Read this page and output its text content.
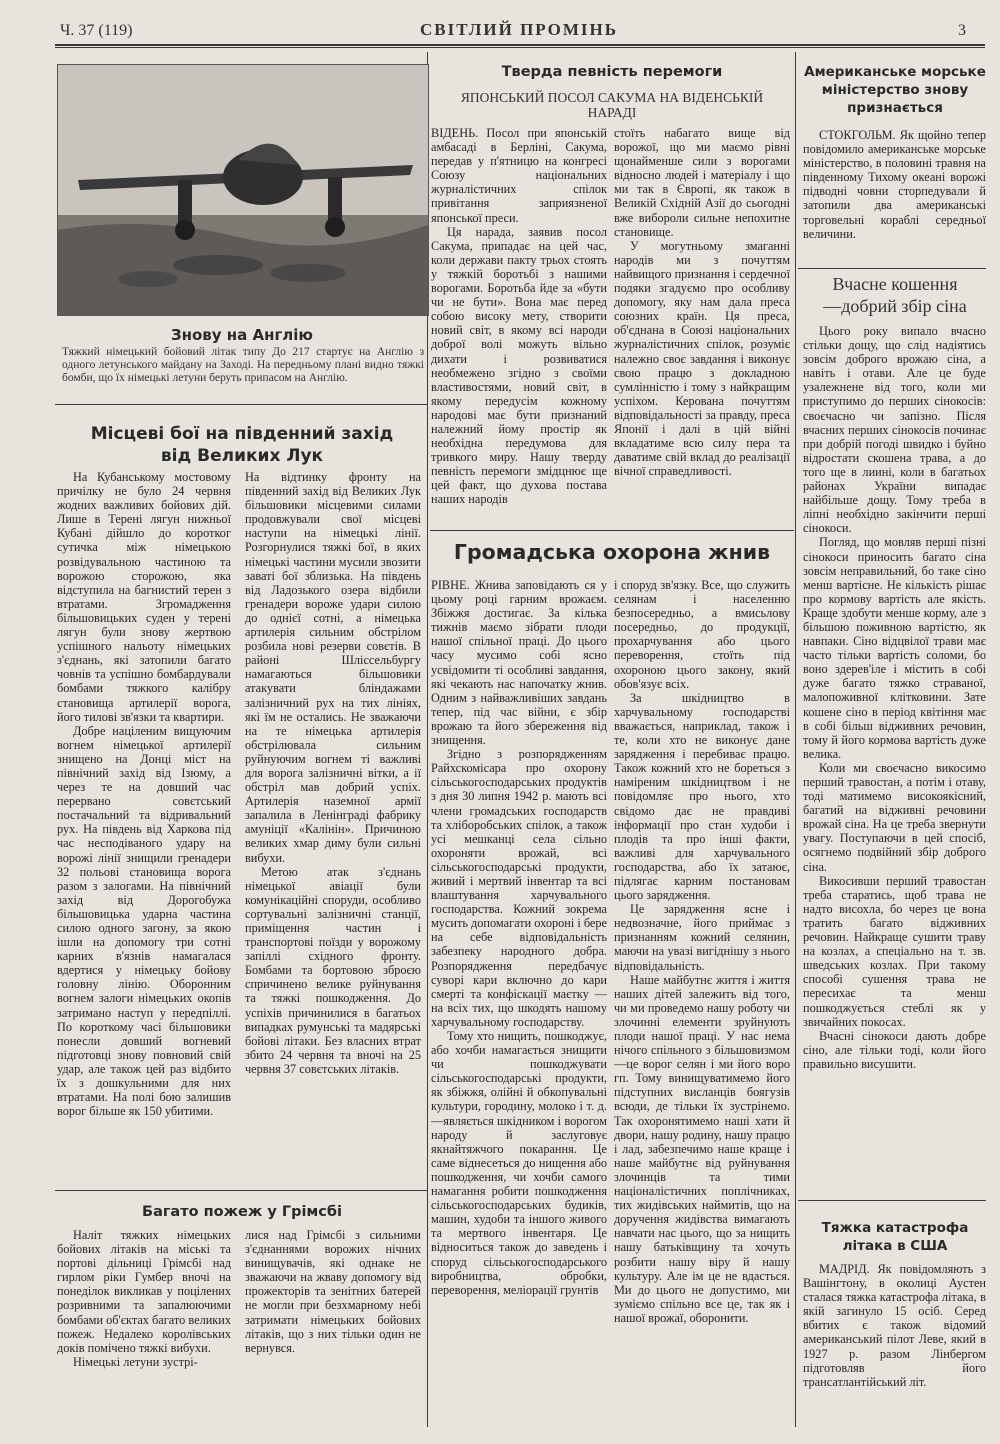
Ч. 37 (119)	СВІТЛИЙ ПРОМІНЬ	3
Знову на Англію
Тяжкий німецький бойовий літак типу До 217 стартує на Англію з одного летунського майдану на Заході. На передньому плані видно тяжкі бомби, що їх німецькі летуни беруть припасом на Англію.
Місцеві бої на південний захід
від Великих Лук

На Кубанському мостовому причілку не було 24 червня жодних важливих бойових дій. Лише в Терені лягун нижньої Кубані дійшло до коротког сутичка між німецькою розвідувальною частиною та ворожою сторожою, яка відступила на багнистий терен з втратами. Згромадження більшовицьких суден у терені лягун були знову жертвою успішного нальоту німецьких з'єднань, які затопили багато човнів та успішно бомбардували бомбами тяжкого калібру становища артилерії ворога, його тилові зв'язки та квартири.

Добре націленим вищуючим вогнем німецької артилерії знищено на Донці міст на північний захід від Ізюму, а через те на довший час перервано совєтський постачальний та відривальний рух. На південь від Харкова під час несподіваного удару на ворожі лінії знищили гренадери 32 польові становища ворога разом з залогами. На північний захід від Дорогобужа більшовицька ударна частина силою одного загону, за якою ішли на допомогу три сотні карних в'язнів намагалася вдертися у німецьку бойову головну лінію. Оборонним вогнем залоги німецьких окопів затримано наступ у передпіллі. По короткому часі більшовики понесли довший вогневий підготовці знову повновий свій удар, але також цей раз відбито їх з дошкульними для них втратами. На полі бою залишив ворог більше як 150 убитими.

На відтинку фронту на південний захід від Великих Лук більшовики місцевими силами продовжували свої місцеві наступи на німецькі лінії. Розгорнулися тяжкі бої, в яких німецькі частини мусили звозити заваті бої зблизька. На південь від Ладозького озера відбили гренадери вороже удари силою до однієї сотні, а німецька артилерія сильним обстрілом розбила нові резерви совєтів. В районі Шліссельбургу намагаються більшовики атакувати бліндажами залізничний рух на тих лініях, які їм не остались. Не зважаючи на те німецька артилерія обстрілювала сильним руйнуючим вогнем ті важливі для ворога залізничні вітки, а ії обстріл мав добрий успіх. Артилерія наземної армії запалила в Ленінграді фабрику амуніції «Калінін». Причиною великих хмар диму були сильні вибухи.

Метою атак з'єднань німецької авіації були комунікаційні споруди, особливо сортувальні залізничні станції, приміщення частин і транспортові поїзди у ворожому запіллі східного фронту. Бомбами та бортовою зброєю спричинено велике руйнування та тяжкі пошкодження. До успіхів причинилися в багатьох випадках румунські та мадярські бойові літаки. Без власних втрат збито 24 червня та вночі на 25 червня 37 совєтських літаків.

Багато пожеж у Грімсбі

Наліт тяжких німецьких бойових літаків на міські та портові дільниці Грімсбі над гирлом ріки Гумбер вночі на понеділок викликав у поцілених розривними та запалюючими бомбами об'єктах багато великих пожеж. Недалеко королівських доків помічено тяжкі вибухи.

Німецькі летуни зустрі-

лися над Грімсбі з сильними з'єднаннями ворожих нічних винищувачів, які однаке не зважаючи на жваву допомогу від прожекторів та зенітних батерей не могли при безхмарному небі затримати німецьких бойових літаків, що з них тільки один не вернувся.

Тверда певність перемоги
ЯПОНСЬКИЙ ПОСОЛ САКУМА НА ВІДЕНСЬКІЙ НАРАДІ

ВІДЕНЬ. Посол при японській амбасаді в Берліні, Сакума, передав у п'ятницю на конгресі Союзу національних журналістичних спілок привітання заприязненої японської преси.

Ця нарада, заявив посол Сакума, припадає на цей час, коли держави пакту трьох стоять у тяжкій боротьбі з нашими ворогами. Боротьба йде за «бути чи не бути». Вона має перед собою високу мету, створити новий світ, в якому всі народи доброї волі можуть вільно дихати і розвиватися необмежено згідно з своїми властивостями, новий світ, в якому передусім кожному народові має бути признаний належний йому простір як необхідна передумова для тривкого миру. Нашу тверду певність перемоги змідцнює ще цей факт, що духова постава наших народів

стоїть набагато вище від ворожої, що ми маємо рівні щонайменше сили з ворогами відносно людей і матеріалу і що ми так в Європі, як також в Великій Східній Азії до сьогодні вже вибороли сильне непохитне становище.

У могутньому змаганні народів ми з почуттям найвищого признання і сердечної подяки згадуємо про особливу допомогу, яку нам дала преса союзних країн. Ця преса, об'єднана в Союзі національних журналістичних спілок, розуміє належно своє завдання і виконує свою працю з докладною сумлінністю і тому з найкращим успіхом. Керована почуттям відповідальності за правду, преса Японії і далі в цій війні вкладатиме всю силу пера та даватиме свій вклад до реалізації вічної справедливості.

Громадська охорона жнив

РІВНЕ. Жнива заповідають ся у цьому році гарним врожаєм. Збіжжя достигає. За кілька тижнів маємо зібрати плоди нашої спільної праці. До цього часу мусимо собі ясно усвідомити ті особливі завдання, які чекають нас напочатку жнив. Одним з найважливіших завдань тепер, під час війни, є збір врожаю та його збереження від знищення.

Згідно з розпорядженням Райхскомісара про охорону сільськогосподарських продуктів з дня 30 липня 1942 р. мають всі члени громадських господарств та хліборобських спілок, а також усі мешканці села сільно охороняти врожай, всі сільськогосподарські продукти, живий і мертвий інвентар та всі влаштування харчувального господарства. Кожний зокрема мусить допомагати охороні і бере на себе відповідальність забезпеку народного добра. Розпорядження передбачує суворі кари включно до кари смерті та конфіскації маєтку — на всіх тих, що шкодять нашому харчувальному господарству.

Тому хто нищить, пошкоджує, або хочби намагається знищити чи пошкоджувати сільськогосподарські продукти, як збіжжя, олійні й обкопувальні культури, городину, молоко і т. д.—являється шкідником і ворогом народу й заслуговує якнайтяжчого покарання. Це саме віднесеться до нищення або пошкодження, чи хочби самого намагання робити пошкодження сільськогосподарських будиків, машин, худоби та іншого живого та мертвого інвентаря. Це відноситься також до заведень і споруд сільськогосподарського виробництва, обробки, переворення, меліорації грунтів

і споруд зв'язку. Все, що служить селянам і населенню безпосередньо, а вмисьлову посередньо, до продукції, прохарчування або цього переворення, стоїть під охороною цього закону, який обов'язує всіх.

За шкідництво в харчувальному господарстві вважається, наприклад, також і те, коли хто не виконує дане зарядження і перебиває працю. Також кожний хто не бореться з наміреним шкідництвом і не повідомляє про нього, хто свідомо дає не правдиві інформації про стан худоби і плодів та про інші факти, важливі для харчувального господарства, або їх затаює, підлягає карним постановам цього зарядження.

Це зарядження ясне і недвозначне, його приймає з признанням кожний селянин, маючи на увазі вигіднішу з нього відповідальність.

Наше майбутнє життя і життя наших дітей залежить від того, чи ми проведемо нашу роботу чи злочинні елементи зруйнують плоди нашої праці. У нас нема нічого спільного з більшовизмом—це ворог селян і ми його воро гп. Тому винищуватимемо його підступних висланців боягузів всюди, де тільки їх зустрінемо. Так охоронятимемо наші хати й двори, нашу родину, нашу працю і лад, забезпечимо наше краще і наше майбутнє від руйнування злочинців та тими націоналістичних поплічниках, тих жидівських наймитів, що на доручення жидівства вимагають навчати нас цього, що за нищить нашу батьківщину та хочуть розбити нашу віру й нашу культуру. Але ім це не вдасться. Ми до цього не допустимо, ми зуміємо спільно все це, так як і нашої врожаї, оборонити.

Американське морське
міністерство знову
признається

СТОКГОЛЬМ. Як щойно тепер повідомило американське морське міністерство, в половині травня на південному Тихому океані ворожі підводні човни сторпедували й затопили два американські торговельні кораблі середньої величини.

Вчасне кошення
—добрий збір сіна

Цього року випало вчасно стільки дощу, що слід надіятись зовсім доброго врожаю сіна, а навіть і отави. Але це буде узалежнене від того, коли ми приступимо до перших сінокосів: своєчасно чи запізно. Після вчасних перших сінокосів починає при добрій погоді швидко і буйно відростати скошена трава, а до того ще в лиині, коли в багатьох районах України випадає найбільше дощу. Тому треба в ліпні необхідно закінчити перші сінокоси.

Погляд, що мовляв перші пізні сінокоси приносить багато сіна зовсім неправильний, бо таке сіно менш вартісне. Не кількість рішає про кормову вартість але якість. Краще здобути менше корму, але з більшою поживною вартістю, як навпаки. Сіно відцвілої трави має часто тільки вартість соломи, бо воно здерев'іле і містить в собі дуже багато тяжко страваної, малопоживної клітковини. Зате кошене сіно в період квітіння має в собі більш відживних речовин, тому й його кормова вартість дуже велика.

Коли ми своєчасно викосимо перший травостан, а потім і отаву, тоді матимемо високоякісний, багатий на відживні речовини врожай сіна. На це треба звернути увагу. Поступаючи в цей спосіб, осягнемо подвійний збір доброго сіна.

Викосивши перший травостан треба старатись, щоб трава не надто висохла, бо через це вона тратить багато відживних речовин. Найкраще сушити траву на козлах, а спеціально на т. зв. шведських козлах. При такому способі сушення трава не пересихає та менш пошкоджується стеблі як у звичайних покосах.

Вчасні сінокоси дають добре сіно, але тільки тоді, коли його правильно висушити.

Тяжка катастрофа
літака в США

МАДРІД. Як повідомляють з Вашінгтону, в околиці Аустен сталася тяжка катастрофа літака, в якій загинуло 15 осіб. Серед вбитих є також відомий американський пілот Леве, який в 1927 р. разом Лінбергом підготовляв його трансатлантійський літ.
